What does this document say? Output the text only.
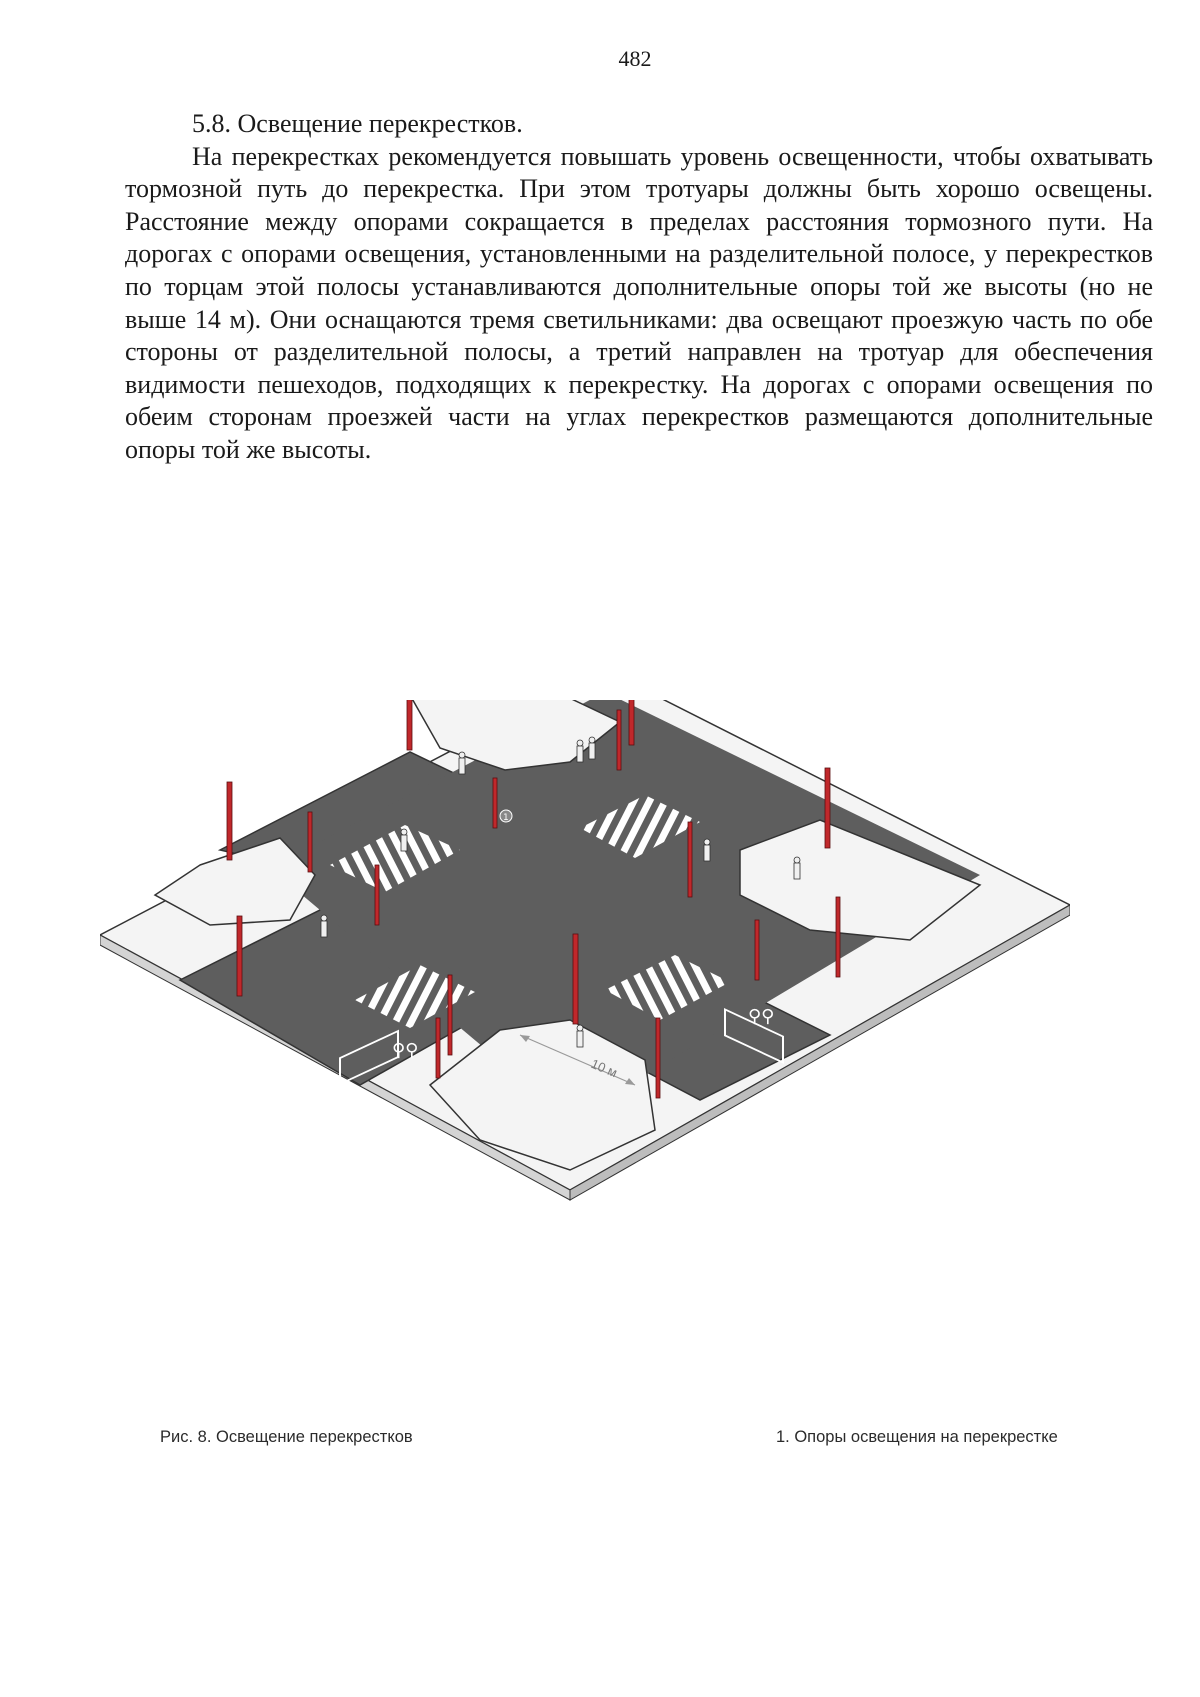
482

5.8. Освещение перекрестков.

На перекрестках рекомендуется повышать уровень освещенности, чтобы охватывать тормозной путь до перекрестка. При этом тротуары должны быть хорошо освещены. Расстояние между опорами сокращается в пределах расстояния тормозного пути. На дорогах с опорами освещения, установленными на разделительной полосе, у перекрестков по торцам этой полосы устанавливаются дополнительные опоры той же высоты (но не выше 14 м). Они оснащаются тремя светильниками: два освещают проезжую часть по обе стороны от разделительной полосы, а третий направлен на тротуар для обеспечения видимости пешеходов, подходящих к перекрестку. На дорогах с опорами освещения по обеим сторонам проезжей части на углах перекрестков размещаются дополнительные опоры той же высоты.

⚲⚲
⚲⚲
1
10 м
Рис. 8. Освещение перекрестков	1. Опоры освещения на перекрестке
